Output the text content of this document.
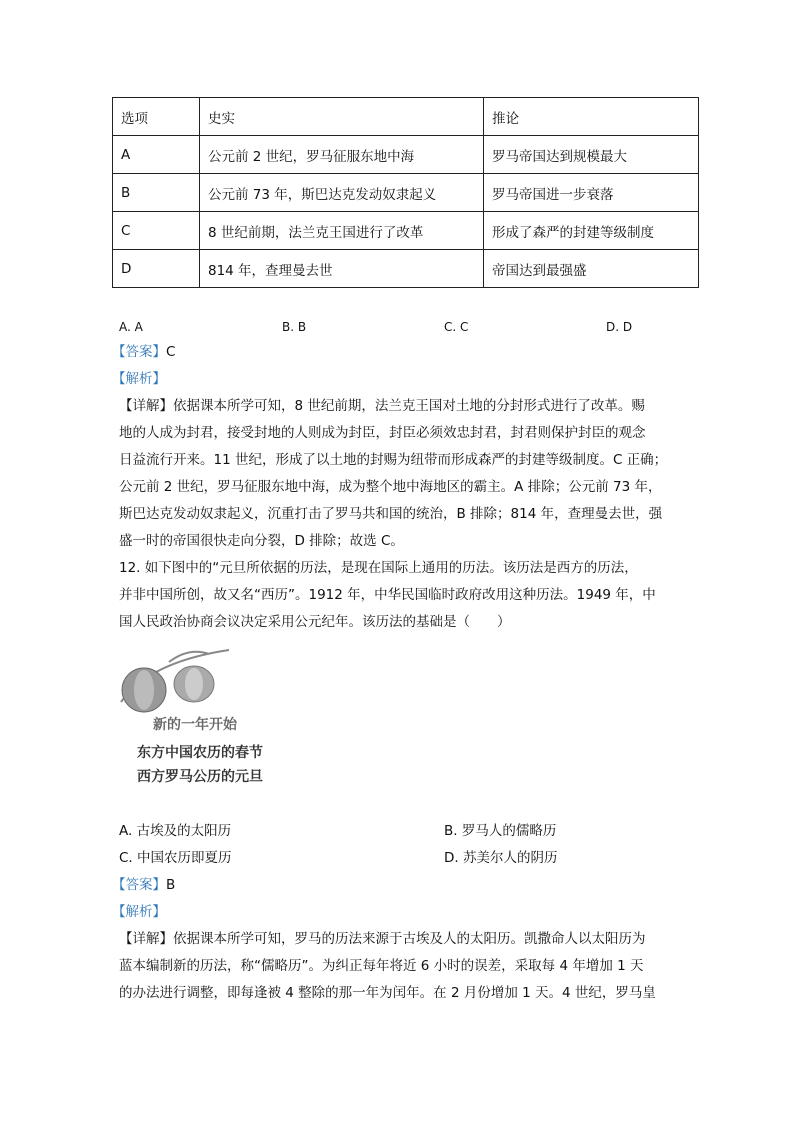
选项	史实	推论
A	公元前 2 世纪，罗马征服东地中海	罗马帝国达到规模最大
B	公元前 73 年，斯巴达克发动奴隶起义	罗马帝国进一步衰落
C	8 世纪前期，法兰克王国进行了改革	形成了森严的封建等级制度
D	814 年，查理曼去世	帝国达到最强盛
A. A	B. B	C. C	D. D
【答案】C
【解析】
【详解】依据课本所学可知，8 世纪前期，法兰克王国对土地的分封形式进行了改革。赐
地的人成为封君，接受封地的人则成为封臣，封臣必须效忠封君，封君则保护封臣的观念
日益流行开来。11 世纪，形成了以土地的封赐为纽带而形成森严的封建等级制度。C 正确；
公元前 2 世纪，罗马征服东地中海，成为整个地中海地区的霸主。A 排除；公元前 73 年，
斯巴达克发动奴隶起义，沉重打击了罗马共和国的统治，B 排除；814 年，查理曼去世，强
盛一时的帝国很快走向分裂，D 排除；故选 C。
12. 如下图中的“元旦所依据的历法，是现在国际上通用的历法。该历法是西方的历法，
并非中国所创，故又名“西历”。1912 年，中华民国临时政府改用这种历法。1949 年，中
国人民政治协商会议决定采用公元纪年。该历法的基础是（　　）
新的一年开始
东方中国农历的春节
西方罗马公历的元旦
A. 古埃及的太阳历	B. 罗马人的儒略历
C. 中国农历即夏历	D. 苏美尔人的阴历
【答案】B
【解析】
【详解】依据课本所学可知，罗马的历法来源于古埃及人的太阳历。凯撒命人以太阳历为
蓝本编制新的历法，称“儒略历”。为纠正每年将近 6 小时的误差，采取每 4 年增加 1 天
的办法进行调整，即每逢被 4 整除的那一年为闰年。在 2 月份增加 1 天。4 世纪，罗马皇
